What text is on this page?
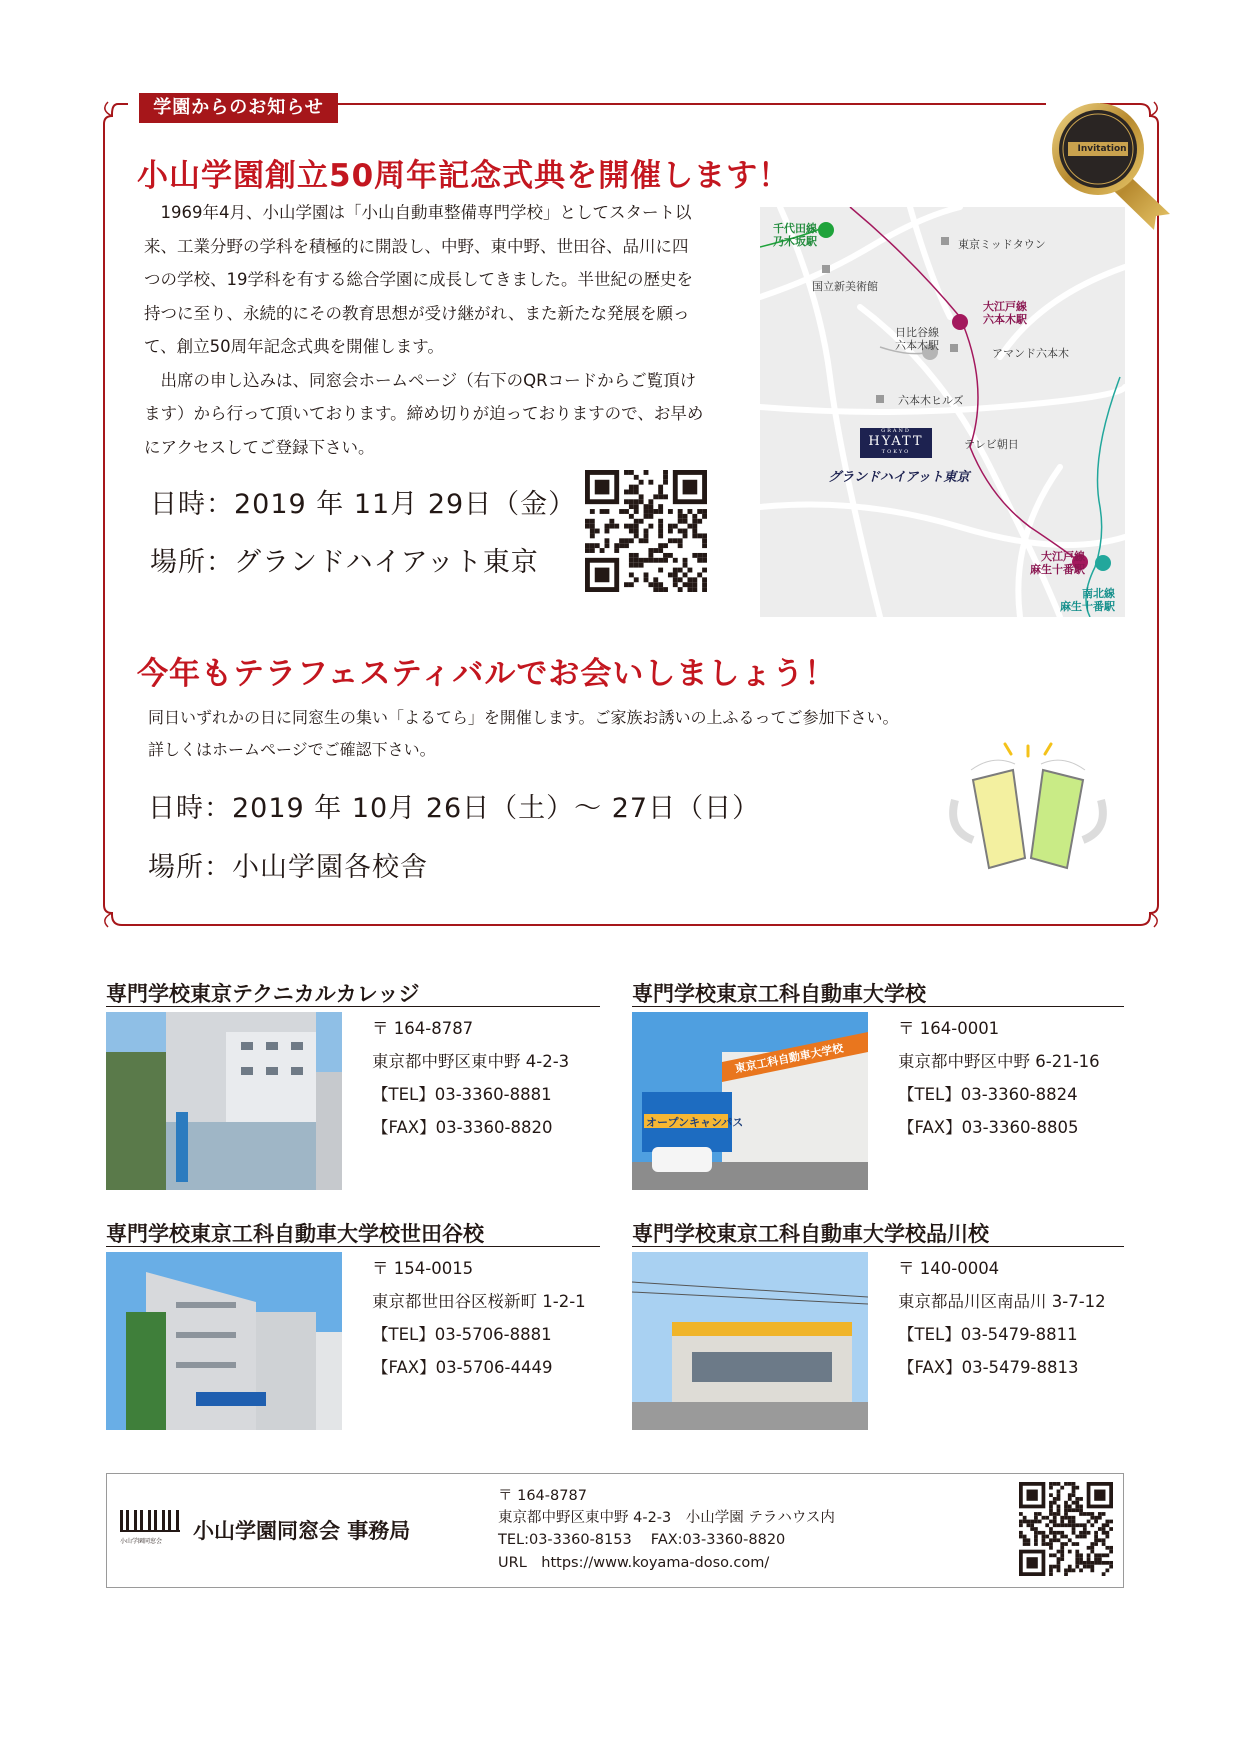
学園からのお知らせ
Invitation
小山学園創立50周年記念式典を開催します！

1969年4月、小山学園は「小山自動車整備専門学校」としてスタート以来、工業分野の学科を積極的に開設し、中野、東中野、世田谷、品川に四つの学校、19学科を有する総合学園に成長してきました。半世紀の歴史を持つに至り、永続的にその教育思想が受け継がれ、また新たな発展を願って、創立50周年記念式典を開催します。

出席の申し込みは、同窓会ホームページ（右下のQRコードからご覧頂けます）から行って頂いております。締め切りが迫っておりますので、お早めにアクセスしてご登録下さい。

日時：2019 年 11月 29日（金）
場所：グランドハイアット東京
千代田線
乃木坂駅	東京ミッドタウン
国立新美術館
大江戸線
六本木駅
日比谷線
六本木駅
アマンド六本木
六本木ヒルズ
テレビ朝日
大江戸線
麻生十番駅
南北線
麻生十番駅
GRAND
HYATT
TOKYO
グランドハイアット東京
今年もテラフェスティバルでお会いしましょう！
同日いずれかの日に同窓生の集い「よるてら」を開催します。ご家族お誘いの上ふるってご参加下さい。
詳しくはホームページでご確認下さい。
日時：2019 年 10月 26日（土）～ 27日（日）
場所：小山学園各校舎
専門学校東京テクニカルカレッジ
〒 164-8787
東京都中野区東中野 4-2-3
【TEL】03-3360-8881
【FAX】03-3360-8820
専門学校東京工科自動車大学校
東京工科自動車大学校
オープンキャンパス
〒 164-0001
東京都中野区中野 6-21-16
【TEL】03-3360-8824
【FAX】03-3360-8805
専門学校東京工科自動車大学校世田谷校
〒 154-0015
東京都世田谷区桜新町 1-2-1
【TEL】03-5706-8881
【FAX】03-5706-4449
専門学校東京工科自動車大学校品川校
〒 140-0004
東京都品川区南品川 3-7-12
【TEL】03-5479-8811
【FAX】03-5479-8813
小山学園同窓会 小山学園同窓会 事務局
〒 164-8787
東京都中野区東中野 4-2-3　小山学園 テラハウス内
TEL:03-3360-8153　 FAX:03-3360-8820
URL　https://www.koyama-doso.com/
